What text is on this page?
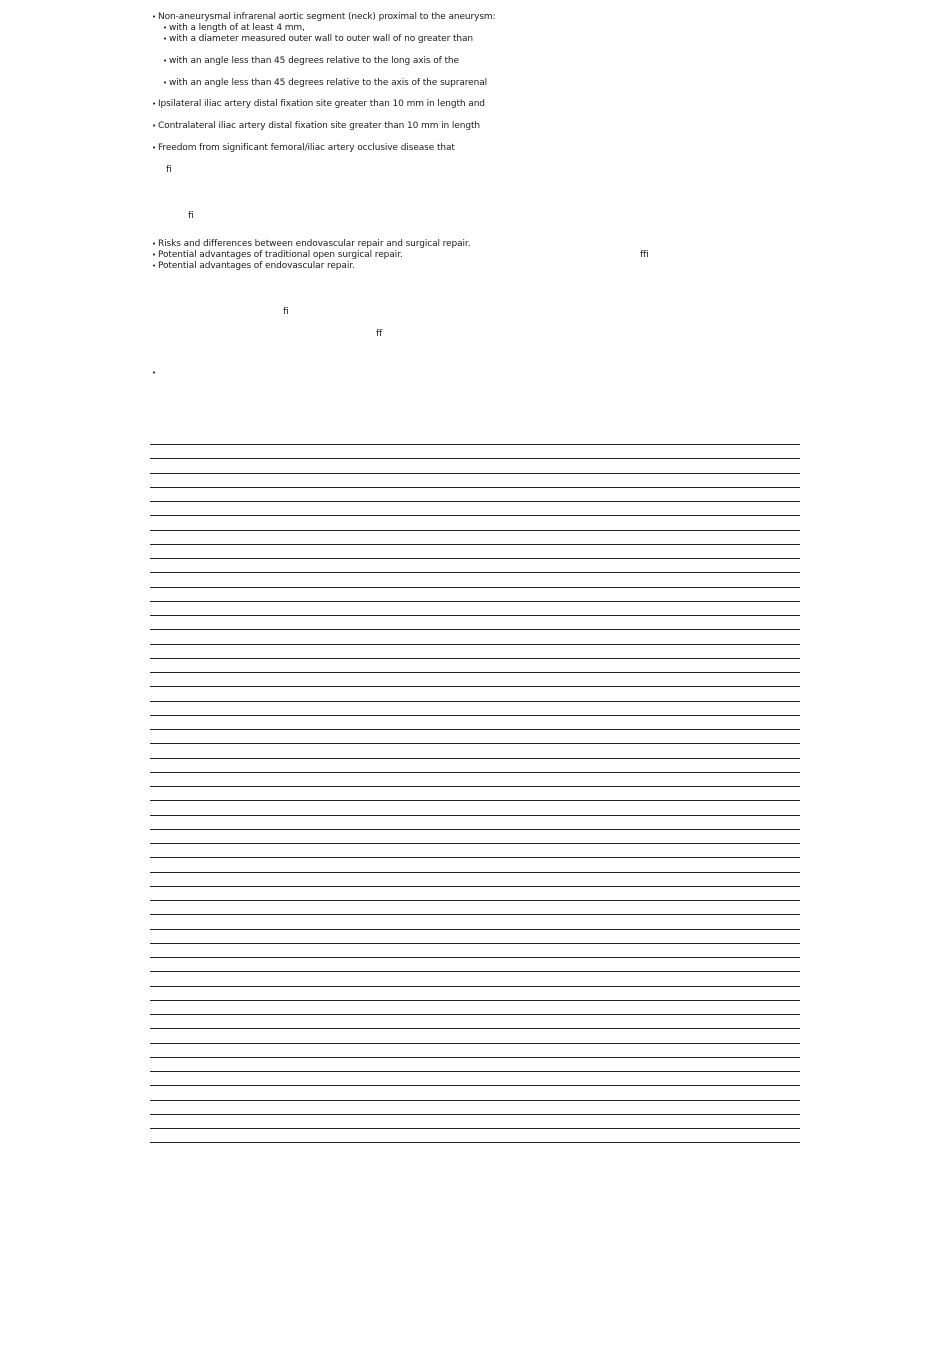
• Non-aneurysmal infrarenal aortic segment (neck) proximal to the aneurysm:
• with a length of at least 4 mm,
• with a diameter measured outer wall to outer wall of no greater than
• with an angle less than 45 degrees relative to the long axis of the
• with an angle less than 45 degrees relative to the axis of the suprarenal
• Ipsilateral iliac artery distal fixation site greater than 10 mm in length and
• Contralateral iliac artery distal fixation site greater than 10 mm in length
• Freedom from significant femoral/iliac artery occlusive disease that
fi
fi
• Risks and differences between endovascular repair and surgical repair.
• Potential advantages of traditional open surgical repair.	ffi
• Potential advantages of endovascular repair.
fi
ff
•
